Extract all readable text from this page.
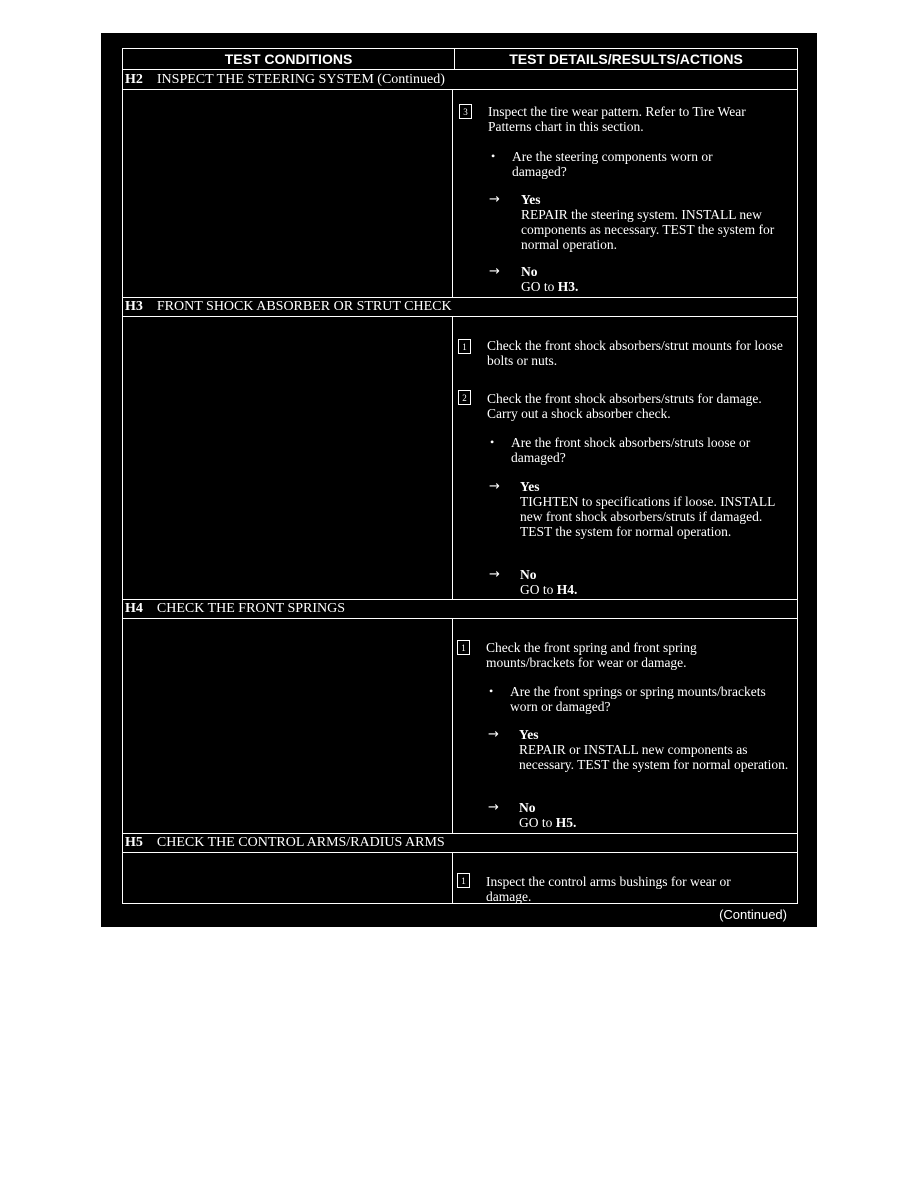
TEST CONDITIONS	TEST DETAILS/RESULTS/ACTIONS
H2 INSPECT THE STEERING SYSTEM (Continued)
3	Inspect the tire wear pattern. Refer to Tire Wear Patterns chart in this section.
• Are the steering components worn or damaged?
→ Yes
REPAIR the steering system. INSTALL new components as necessary. TEST the system for normal operation.
→ No
GO to H3.
H3 FRONT SHOCK ABSORBER OR STRUT CHECK
1	Check the front shock absorbers/strut mounts for loose bolts or nuts.
2	Check the front shock absorbers/struts for damage. Carry out a shock absorber check.
• Are the front shock absorbers/struts loose or damaged?
→ Yes
TIGHTEN to specifications if loose. INSTALL new front shock absorbers/struts if damaged. TEST the system for normal operation.
→ No
GO to H4.
H4 CHECK THE FRONT SPRINGS
1	Check the front spring and front spring mounts/brackets for wear or damage.
• Are the front springs or spring mounts/brackets worn or damaged?
→ Yes
REPAIR or INSTALL new components as necessary. TEST the system for normal operation.
→ No
GO to H5.
H5 CHECK THE CONTROL ARMS/RADIUS ARMS
1	Inspect the control arms bushings for wear or damage.
(Continued)
